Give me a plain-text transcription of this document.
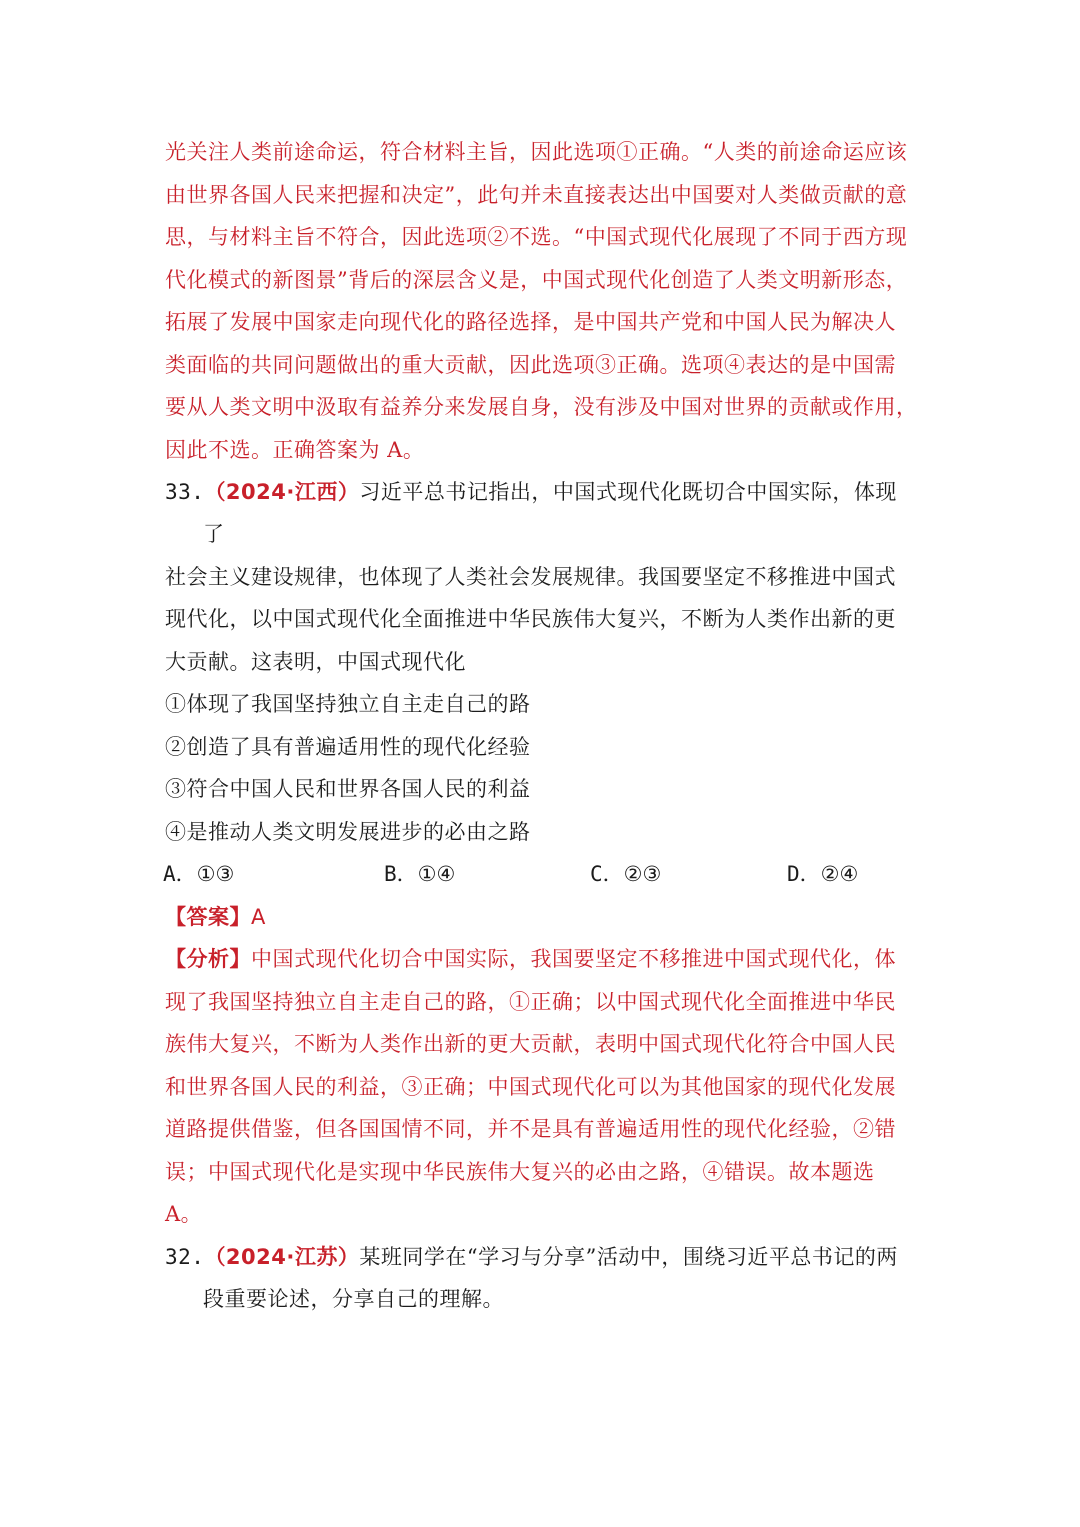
光关注人类前途命运，符合材料主旨，因此选项①正确。“人类的前途命运应该
由世界各国人民来把握和决定”，此句并未直接表达出中国要对人类做贡献的意
思，与材料主旨不符合，因此选项②不选。“中国式现代化展现了不同于西方现
代化模式的新图景”背后的深层含义是，中国式现代化创造了人类文明新形态，
拓展了发展中国家走向现代化的路径选择，是中国共产党和中国人民为解决人
类面临的共同问题做出的重大贡献，因此选项③正确。选项④表达的是中国需
要从人类文明中汲取有益养分来发展自身，没有涉及中国对世界的贡献或作用，
因此不选。正确答案为 A。
33.（2024·江西）习近平总书记指出，中国式现代化既切合中国实际，体现
了
社会主义建设规律，也体现了人类社会发展规律。我国要坚定不移推进中国式
现代化，以中国式现代化全面推进中华民族伟大复兴，不断为人类作出新的更
大贡献。这表明，中国式现代化
①体现了我国坚持独立自主走自己的路
②创造了具有普遍适用性的现代化经验
③符合中国人民和世界各国人民的利益
④是推动人类文明发展进步的必由之路
A．①③	B．①④	C．②③	D．②④
【答案】A
【分析】中国式现代化切合中国实际，我国要坚定不移推进中国式现代化，体
现了我国坚持独立自主走自己的路，①正确；以中国式现代化全面推进中华民
族伟大复兴，不断为人类作出新的更大贡献，表明中国式现代化符合中国人民
和世界各国人民的利益，③正确；中国式现代化可以为其他国家的现代化发展
道路提供借鉴，但各国国情不同，并不是具有普遍适用性的现代化经验，②错
误；中国式现代化是实现中华民族伟大复兴的必由之路，④错误。故本题选
A。
32.（2024·江苏）某班同学在“学习与分享”活动中，围绕习近平总书记的两
段重要论述，分享自己的理解。
